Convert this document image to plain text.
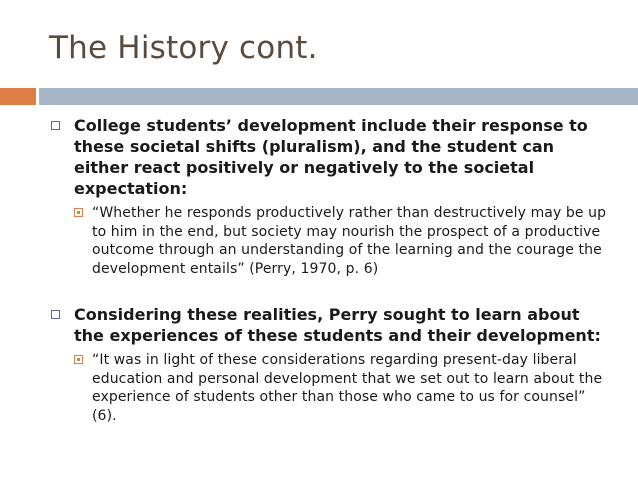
The History cont.
College students’ development include their response to these societal shifts (pluralism), and the student can either react positively or negatively to the societal expectation:
“Whether he responds productively rather than destructively may be up to him in the end, but society may nourish the prospect of a productive outcome through an understanding of the learning and the courage the development entails” (Perry, 1970, p. 6)
Considering these realities, Perry sought to learn about the experiences of these students and their development:
“It was in light of these considerations regarding present-day liberal education and personal development that we set out to learn about the experience of students other than those who came to us for counsel” (6).
